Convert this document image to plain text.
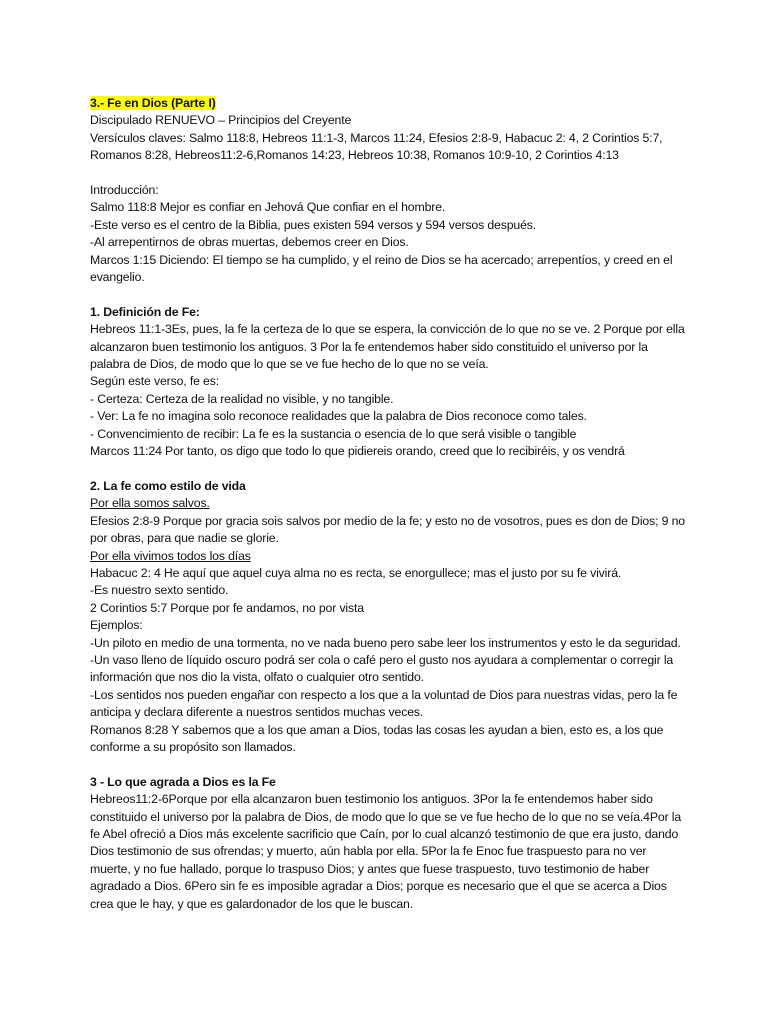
3.- Fe en Dios (Parte I)

Discipulado RENUEVO – Principios del Creyente

Versículos claves: Salmo 118:8, Hebreos 11:1-3, Marcos 11:24, Efesios 2:8-9, Habacuc 2: 4, 2 Corintios 5:7, Romanos 8:28, Hebreos11:2-6,Romanos 14:23, Hebreos 10:38, Romanos 10:9-10, 2 Corintios 4:13

Introducción:

Salmo 118:8 Mejor es confiar en Jehová Que confiar en el hombre.

-Este verso es el centro de la Biblia, pues existen 594 versos y 594 versos después.

-Al arrepentirnos de obras muertas, debemos creer en Dios.

Marcos 1:15 Diciendo: El tiempo se ha cumplido, y el reino de Dios se ha acercado; arrepentíos, y creed en el evangelio.

1. Definición de Fe:

Hebreos 11:1-3Es, pues, la fe la certeza de lo que se espera, la convicción de lo que no se ve. 2 Porque por ella alcanzaron buen testimonio los antiguos. 3 Por la fe entendemos haber sido constituido el universo por la palabra de Dios, de modo que lo que se ve fue hecho de lo que no se veía.

Según este verso, fe es:

- Certeza: Certeza de la realidad no visible, y no tangible.

- Ver: La fe no imagina solo reconoce realidades que la palabra de Dios reconoce como tales.

- Convencimiento de recibir: La fe es la sustancia o esencia de lo que será visible o tangible

Marcos 11:24 Por tanto, os digo que todo lo que pidiereis orando, creed que lo recibiréis, y os vendrá

2. La fe como estilo de vida

Por ella somos salvos.

Efesios 2:8-9 Porque por gracia sois salvos por medio de la fe; y esto no de vosotros, pues es don de Dios; 9 no por obras, para que nadie se glorie.

Por ella vivimos todos los días

Habacuc 2: 4 He aquí que aquel cuya alma no es recta, se enorgullece; mas el justo por su fe vivirá.

-Es nuestro sexto sentido.

2 Corintios 5:7 Porque por fe andamos, no por vista

Ejemplos:

-Un piloto en medio de una tormenta, no ve nada bueno pero sabe leer los instrumentos y esto le da seguridad.

-Un vaso lleno de líquido oscuro podrá ser cola o café pero el gusto nos ayudara a complementar o corregir la información que nos dio la vista, olfato o cualquier otro sentido.

-Los sentidos nos pueden engañar con respecto a los que a la voluntad de Dios para nuestras vidas, pero la fe anticipa y declara diferente a nuestros sentidos muchas veces.

Romanos 8:28 Y sabemos que a los que aman a Dios, todas las cosas les ayudan a bien, esto es, a los que conforme a su propósito son llamados.

3 - Lo que agrada a Dios es la Fe

Hebreos11:2-6Porque por ella alcanzaron buen testimonio los antiguos. 3Por la fe entendemos haber sido constituido el universo por la palabra de Dios, de modo que lo que se ve fue hecho de lo que no se veía.4Por la fe Abel ofreció a Dios más excelente sacrificio que Caín, por lo cual alcanzó testimonio de que era justo, dando Dios testimonio de sus ofrendas; y muerto, aún habla por ella. 5Por la fe Enoc fue traspuesto para no ver muerte, y no fue hallado, porque lo traspuso Dios; y antes que fuese traspuesto, tuvo testimonio de haber agradado a Dios. 6Pero sin fe es imposible agradar a Dios; porque es necesario que el que se acerca a Dios crea que le hay, y que es galardonador de los que le buscan.
